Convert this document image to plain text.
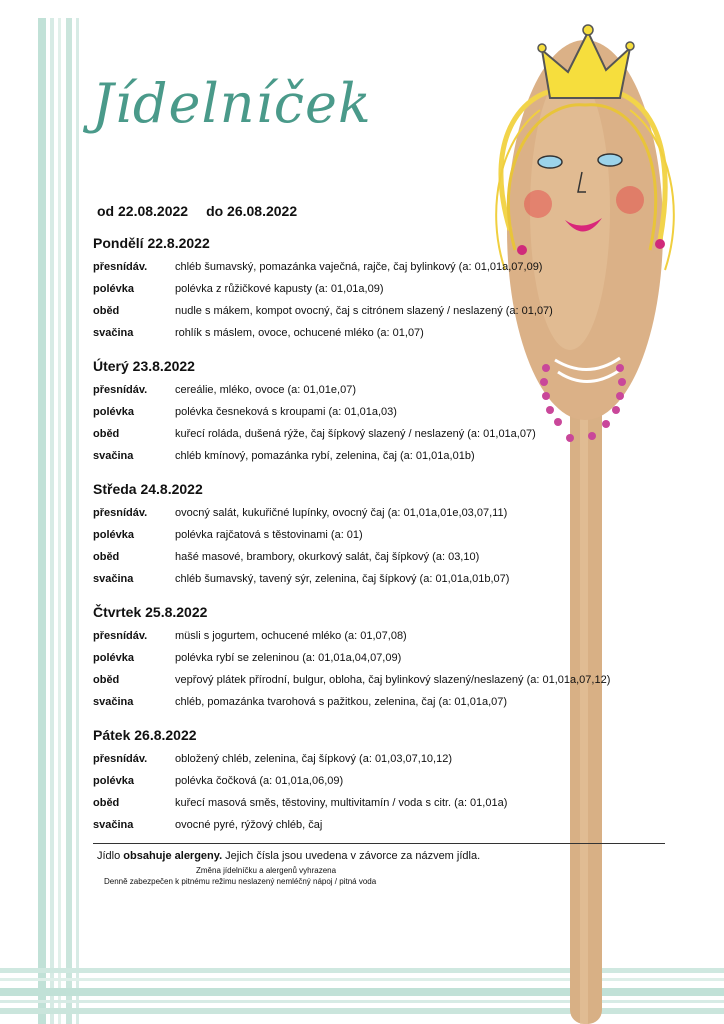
Jídelníček
od 22.08.2022 do 26.08.2022
Pondělí 22.8.2022
přesnídáv.	chléb šumavský, pomazánka vaječná, rajče, čaj bylinkový (a: 01,01a,07,09)
polévka	polévka z růžičkové kapusty (a: 01,01a,09)
oběd	nudle s mákem, kompot ovocný, čaj s citrónem slazený / neslazený (a: 01,07)
svačina	rohlík s máslem, ovoce, ochucené mléko (a: 01,07)
Úterý 23.8.2022
přesnídáv.	cereálie, mléko, ovoce (a: 01,01e,07)
polévka	polévka česneková s kroupami (a: 01,01a,03)
oběd	kuřecí roláda, dušená rýže, čaj šípkový slazený / neslazený (a: 01,01a,07)
svačina	chléb kmínový, pomazánka rybí, zelenina, čaj (a: 01,01a,01b)
Středa 24.8.2022
přesnídáv.	ovocný salát, kukuřičné lupínky, ovocný čaj (a: 01,01a,01e,03,07,11)
polévka	polévka rajčatová s těstovinami (a: 01)
oběd	hašé masové, brambory, okurkový salát, čaj šípkový (a: 03,10)
svačina	chléb šumavský, tavený sýr, zelenina, čaj šípkový (a: 01,01a,01b,07)
Čtvrtek 25.8.2022
přesnídáv.	müsli s jogurtem, ochucené mléko (a: 01,07,08)
polévka	polévka rybí se zeleninou (a: 01,01a,04,07,09)
oběd	vepřový plátek přírodní, bulgur, obloha, čaj bylinkový slazený/neslazený (a: 01,01a,07,12)
svačina	chléb, pomazánka tvarohová s pažitkou, zelenina, čaj (a: 01,01a,07)
Pátek 26.8.2022
přesnídáv.	obložený chléb, zelenina, čaj šípkový (a: 01,03,07,10,12)
polévka	polévka čočková (a: 01,01a,06,09)
oběd	kuřecí masová směs, těstoviny, multivitamín / voda s citr. (a: 01,01a)
svačina	ovocné pyré, rýžový chléb, čaj
Jídlo obsahuje alergeny. Jejich čísla jsou uvedena v závorce za názvem jídla.
Změna jídelníčku a alergenů vyhrazena
Denně zabezpečen k pitnému režimu neslazený nemléčný nápoj / pitná voda
